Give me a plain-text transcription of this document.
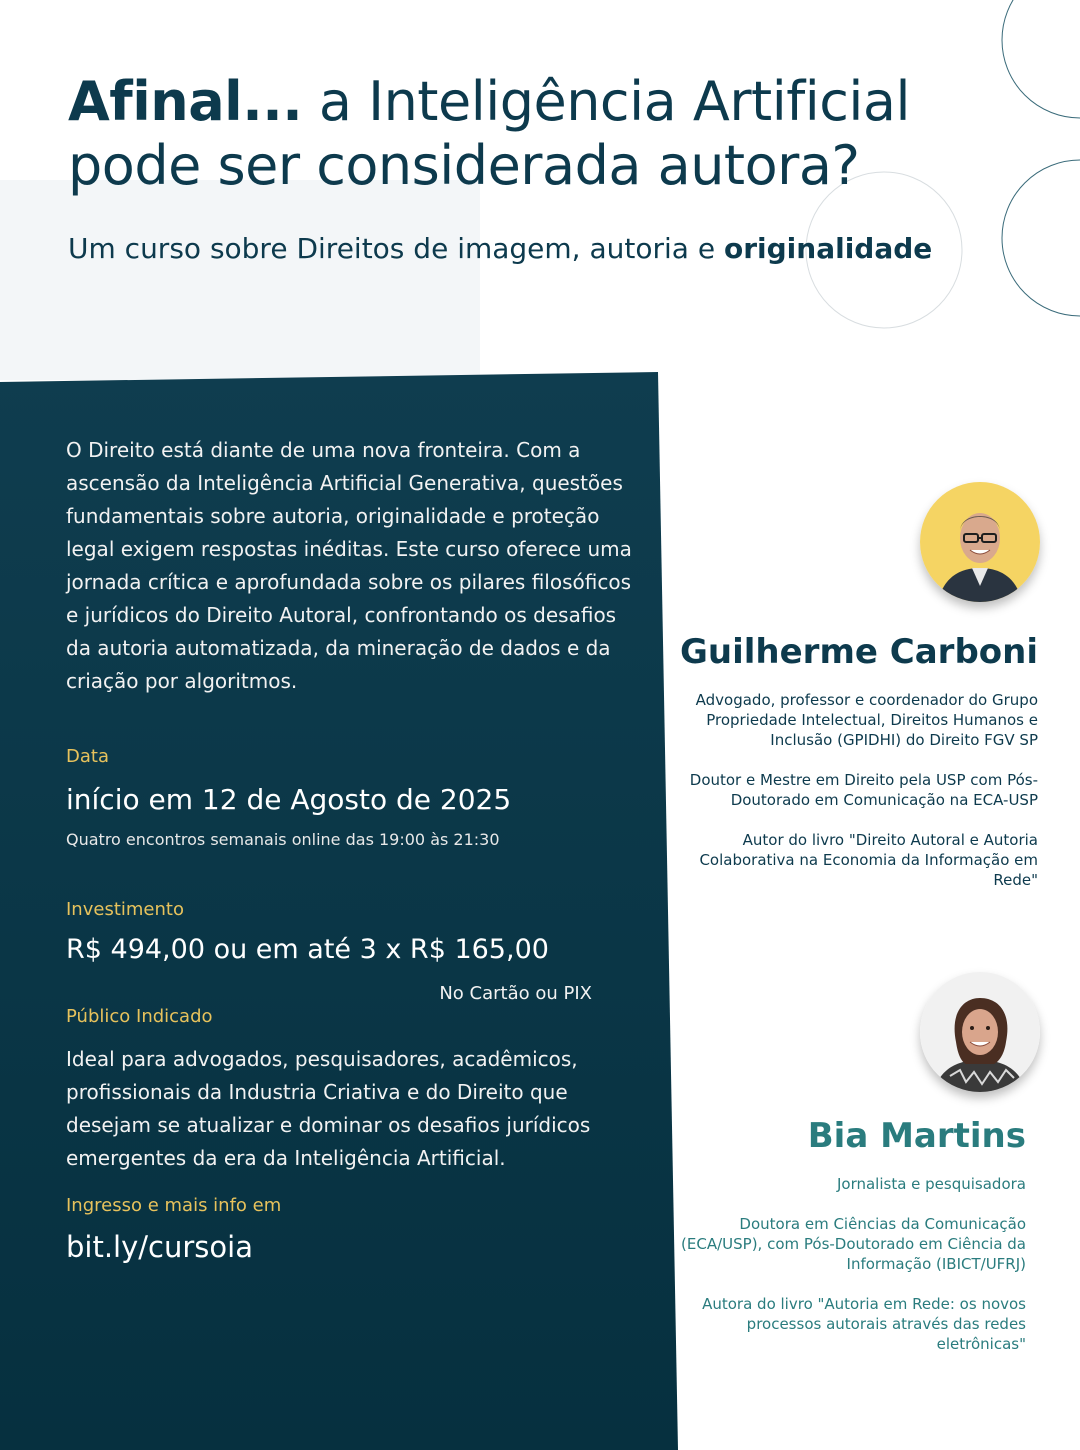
Afinal... a Inteligência Artificial
pode ser considerada autora?
Um curso sobre Direitos de imagem, autoria e originalidade

O Direito está diante de uma nova fronteira. Com a ascensão da Inteligência Artificial Generativa, questões fundamentais sobre autoria, originalidade e proteção legal exigem respostas inéditas. Este curso oferece uma jornada crítica e aprofundada sobre os pilares filosóficos e jurídicos do Direito Autoral, confrontando os desafios da autoria automatizada, da mineração de dados e da criação por algoritmos.

Data
início em 12 de Agosto de 2025
Quatro encontros semanais online das 19:00 às 21:30
Investimento
R$ 494,00 ou em até 3 x R$ 165,00
No Cartão ou PIX
Público Indicado

Ideal para advogados, pesquisadores, acadêmicos, profissionais da Industria Criativa e do Direito que desejam se atualizar e dominar os desafios jurídicos emergentes da era da Inteligência Artificial.

Ingresso e mais info em
bit.ly/cursoia
Guilherme Carboni

Advogado, professor e coordenador do Grupo Propriedade Intelectual, Direitos Humanos e Inclusão (GPIDHI) do Direito FGV SP

Doutor e Mestre em Direito pela USP com Pós-Doutorado em Comunicação na ECA-USP

Autor do livro "Direito Autoral e Autoria Colaborativa na Economia da Informação em Rede"

Bia Martins

Jornalista e pesquisadora

Doutora em Ciências da Comunicação (ECA/USP), com Pós-Doutorado em Ciência da Informação (IBICT/UFRJ)

Autora do livro "Autoria em Rede: os novos processos autorais através das redes eletrônicas"
